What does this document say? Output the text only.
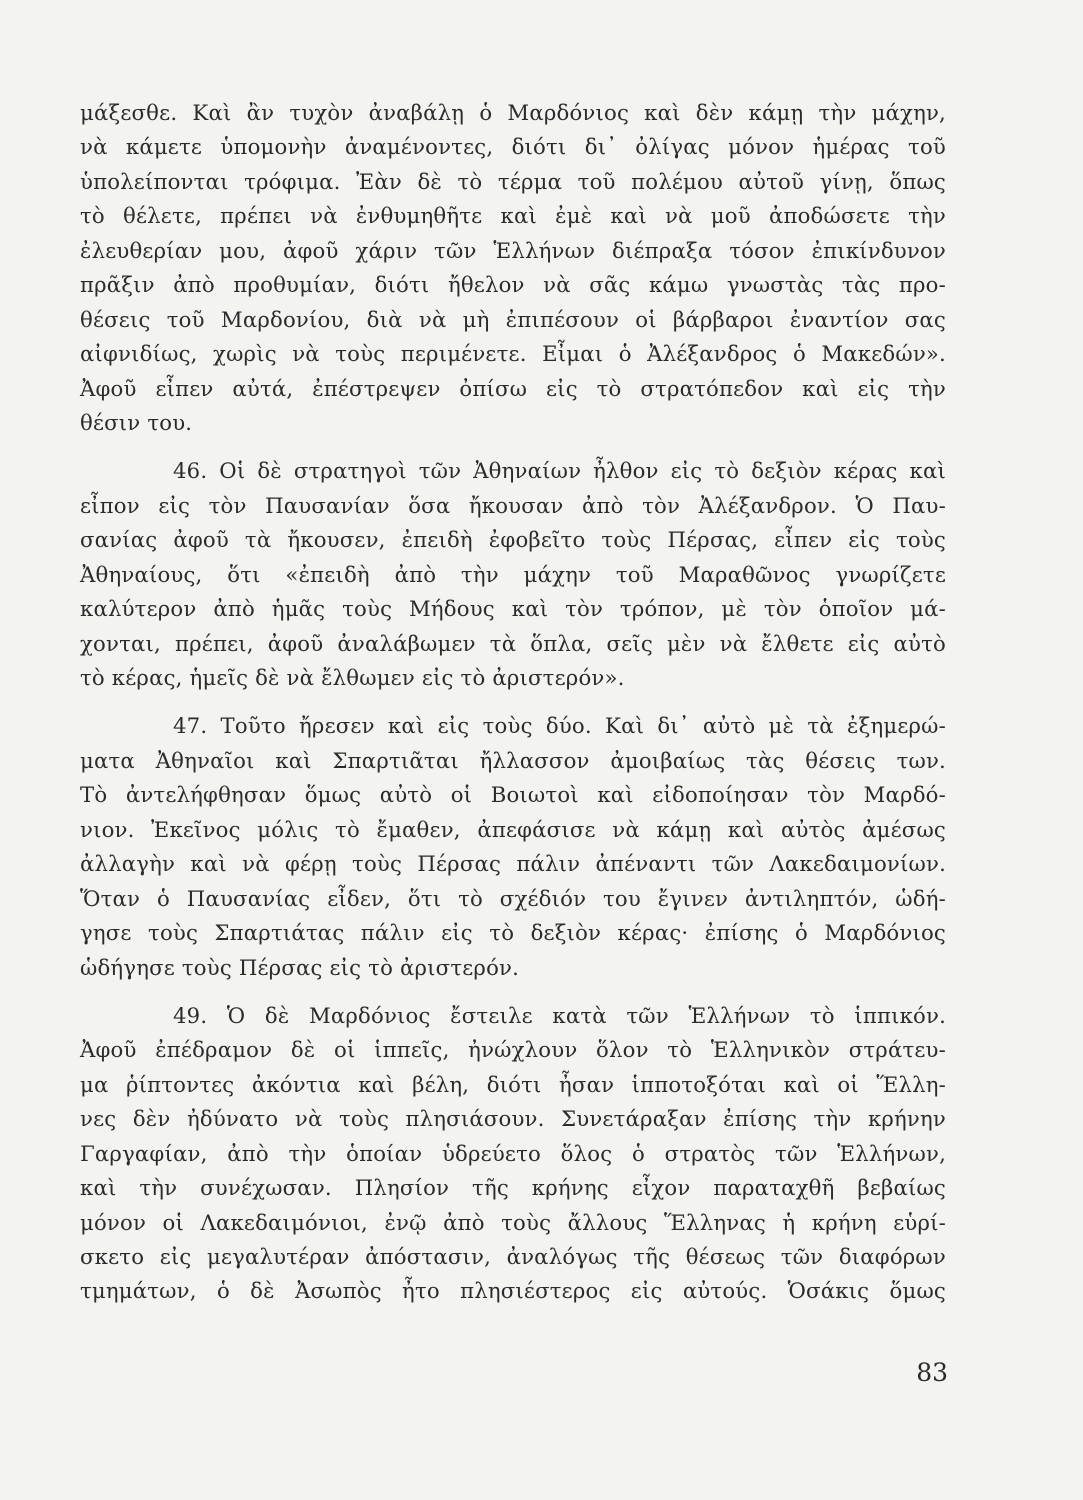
μάξεσθε. Καὶ ἂν τυχὸν ἀναβάλῃ ὁ Μαρδόνιος καὶ δὲν κάμῃ τὴν μάχην,
νὰ κάμετε ὑπομονὴν ἀναμένοντες, διότι δι᾿ ὀλίγας μόνον ἡμέρας τοῦ
ὑπολείπονται τρόφιμα. Ἐὰν δὲ τὸ τέρμα τοῦ πολέμου αὐτοῦ γίνῃ, ὅπως
τὸ θέλετε, πρέπει νὰ ἐνθυμηθῆτε καὶ ἐμὲ καὶ νὰ μοῦ ἀποδώσετε τὴν
ἐλευθερίαν μου, ἀφοῦ χάριν τῶν Ἑλλήνων διέπραξα τόσον ἐπικίνδυνον
πρᾶξιν ἀπὸ προθυμίαν, διότι ἤθελον νὰ σᾶς κάμω γνωστὰς τὰς προ-
θέσεις τοῦ Μαρδονίου, διὰ νὰ μὴ ἐπιπέσουν οἱ βάρβαροι ἐναντίον σας
αἰφνιδίως, χωρὶς νὰ τοὺς περιμένετε. Εἶμαι ὁ Ἀλέξανδρος ὁ Μακεδών».
Ἀφοῦ εἶπεν αὐτά, ἐπέστρεψεν ὀπίσω εἰς τὸ στρατόπεδον καὶ εἰς τὴν
θέσιν του.
46. Οἱ δὲ στρατηγοὶ τῶν Ἀθηναίων ἦλθον εἰς τὸ δεξιὸν κέρας καὶ
εἶπον εἰς τὸν Παυσανίαν ὅσα ἤκουσαν ἀπὸ τὸν Ἀλέξανδρον. Ὁ Παυ-
σανίας ἀφοῦ τὰ ἤκουσεν, ἐπειδὴ ἐφοβεῖτο τοὺς Πέρσας, εἶπεν εἰς τοὺς
Ἀθηναίους, ὅτι «ἐπειδὴ ἀπὸ τὴν μάχην τοῦ Μαραθῶνος γνωρίζετε
καλύτερον ἀπὸ ἡμᾶς τοὺς Μήδους καὶ τὸν τρόπον, μὲ τὸν ὁποῖον μά-
χονται, πρέπει, ἀφοῦ ἀναλάβωμεν τὰ ὅπλα, σεῖς μὲν νὰ ἔλθετε εἰς αὐτὸ
τὸ κέρας, ἡμεῖς δὲ νὰ ἔλθωμεν εἰς τὸ ἀριστερόν».
47. Τοῦτο ἤρεσεν καὶ εἰς τοὺς δύο. Καὶ δι᾿ αὐτὸ μὲ τὰ ἐξημερώ-
ματα Ἀθηναῖοι καὶ Σπαρτιᾶται ἤλλασσον ἀμοιβαίως τὰς θέσεις των.
Τὸ ἀντελήφθησαν ὅμως αὐτὸ οἱ Βοιωτοὶ καὶ εἰδοποίησαν τὸν Μαρδό-
νιον. Ἐκεῖνος μόλις τὸ ἔμαθεν, ἀπεφάσισε νὰ κάμῃ καὶ αὐτὸς ἀμέσως
ἀλλαγὴν καὶ νὰ φέρῃ τοὺς Πέρσας πάλιν ἀπέναντι τῶν Λακεδαιμονίων.
Ὅταν ὁ Παυσανίας εἶδεν, ὅτι τὸ σχέδιόν του ἔγινεν ἀντιληπτόν, ὡδή-
γησε τοὺς Σπαρτιάτας πάλιν εἰς τὸ δεξιὸν κέρας· ἐπίσης ὁ Μαρδόνιος
ὡδήγησε τοὺς Πέρσας εἰς τὸ ἀριστερόν.
49. Ὁ δὲ Μαρδόνιος ἔστειλε κατὰ τῶν Ἑλλήνων τὸ ἱππικόν.
Ἀφοῦ ἐπέδραμον δὲ οἱ ἱππεῖς, ἠνώχλουν ὅλον τὸ Ἑλληνικὸν στράτευ-
μα ῥίπτοντες ἀκόντια καὶ βέλη, διότι ἦσαν ἱπποτοξόται καὶ οἱ Ἕλλη-
νες δὲν ἠδύνατο νὰ τοὺς πλησιάσουν. Συνετάραξαν ἐπίσης τὴν κρήνην
Γαργαφίαν, ἀπὸ τὴν ὁποίαν ὑδρεύετο ὅλος ὁ στρατὸς τῶν Ἑλλήνων,
καὶ τὴν συνέχωσαν. Πλησίον τῆς κρήνης εἶχον παραταχθῆ βεβαίως
μόνον οἱ Λακεδαιμόνιοι, ἐνῷ ἀπὸ τοὺς ἄλλους Ἕλληνας ἡ κρήνη εὑρί-
σκετο εἰς μεγαλυτέραν ἀπόστασιν, ἀναλόγως τῆς θέσεως τῶν διαφόρων
τμημάτων, ὁ δὲ Ἀσωπὸς ἦτο πλησιέστερος εἰς αὐτούς. Ὁσάκις ὅμως
83
